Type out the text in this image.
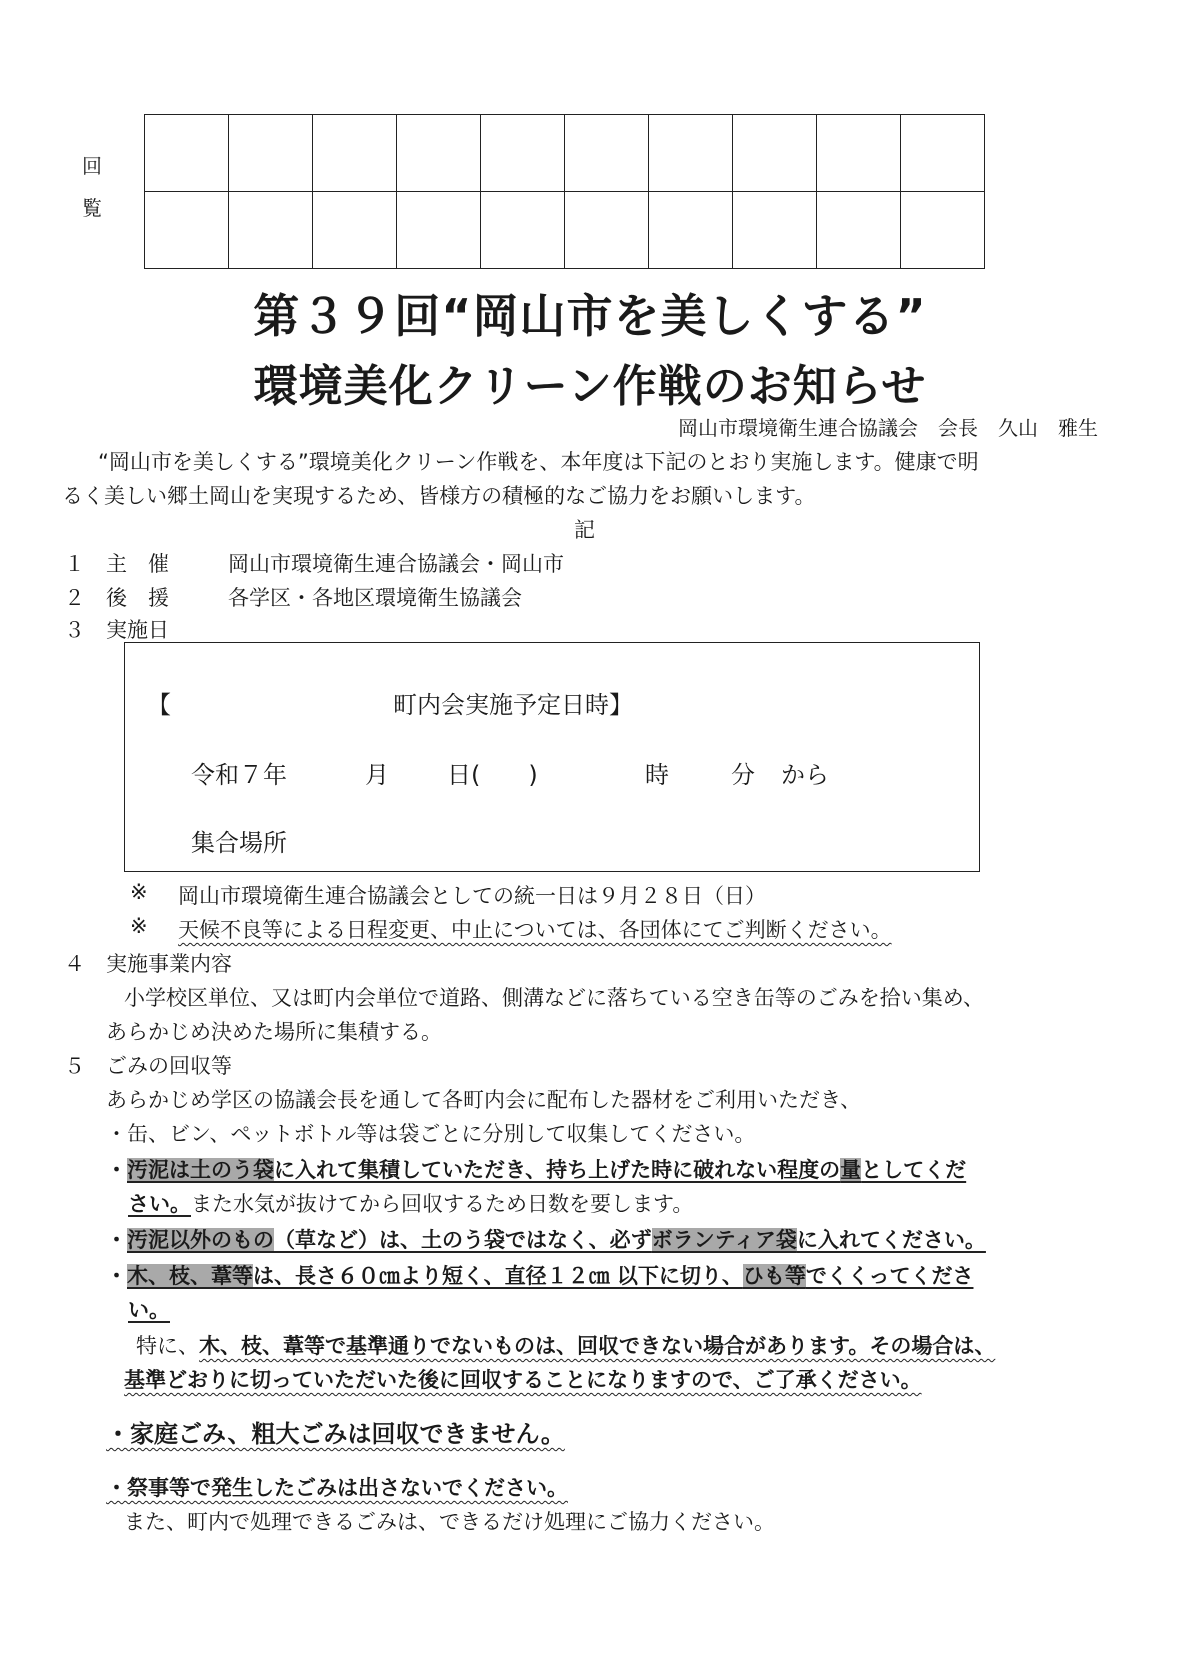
回
覧

第３９回“岡山市を美しくする”
環境美化クリーン作戦のお知らせ
岡山市環境衛生連合協議会　会長　久山　雅生
“岡山市を美しくする”環境美化クリーン作戦を、本年度は下記のとおり実施します。健康で明
るく美しい郷土岡山を実現するため、皆様方の積極的なご協力をお願いします。
記
１ 主　催	岡山市環境衛生連合協議会・岡山市
２ 後　援	各学区・各地区環境衛生協議会
３ 実施日
【	町内会実施予定日時】
令和７年	月 日(　　)	時	分 から
集合場所
※ 岡山市環境衛生連合協議会としての統一日は９月２８日（日）
※ 天候不良等による日程変更、中止については、各団体にてご判断ください。
４ 実施事業内容
小学校区単位、又は町内会単位で道路、側溝などに落ちている空き缶等のごみを拾い集め、
あらかじめ決めた場所に集積する。
５ ごみの回収等
あらかじめ学区の協議会長を通して各町内会に配布した器材をご利用いただき、
・缶、ビン、ペットボトル等は袋ごとに分別して収集してください。
・汚泥は土のう袋に入れて集積していただき、持ち上げた時に破れない程度の量としてくだ
さい。また水気が抜けてから回収するため日数を要します。
・汚泥以外のもの（草など）は、土のう袋ではなく、必ずボランティア袋に入れてください。
・木、枝、葦等は、長さ６０㎝より短く、直径１２㎝ 以下に切り、ひも等でくくってくださ
い。
特に、木、枝、葦等で基準通りでないものは、回収できない場合があります。その場合は、
基準どおりに切っていただいた後に回収することになりますので、ご了承ください。
・家庭ごみ、粗大ごみは回収できません。
・祭事等で発生したごみは出さないでください。
また、町内で処理できるごみは、できるだけ処理にご協力ください。
